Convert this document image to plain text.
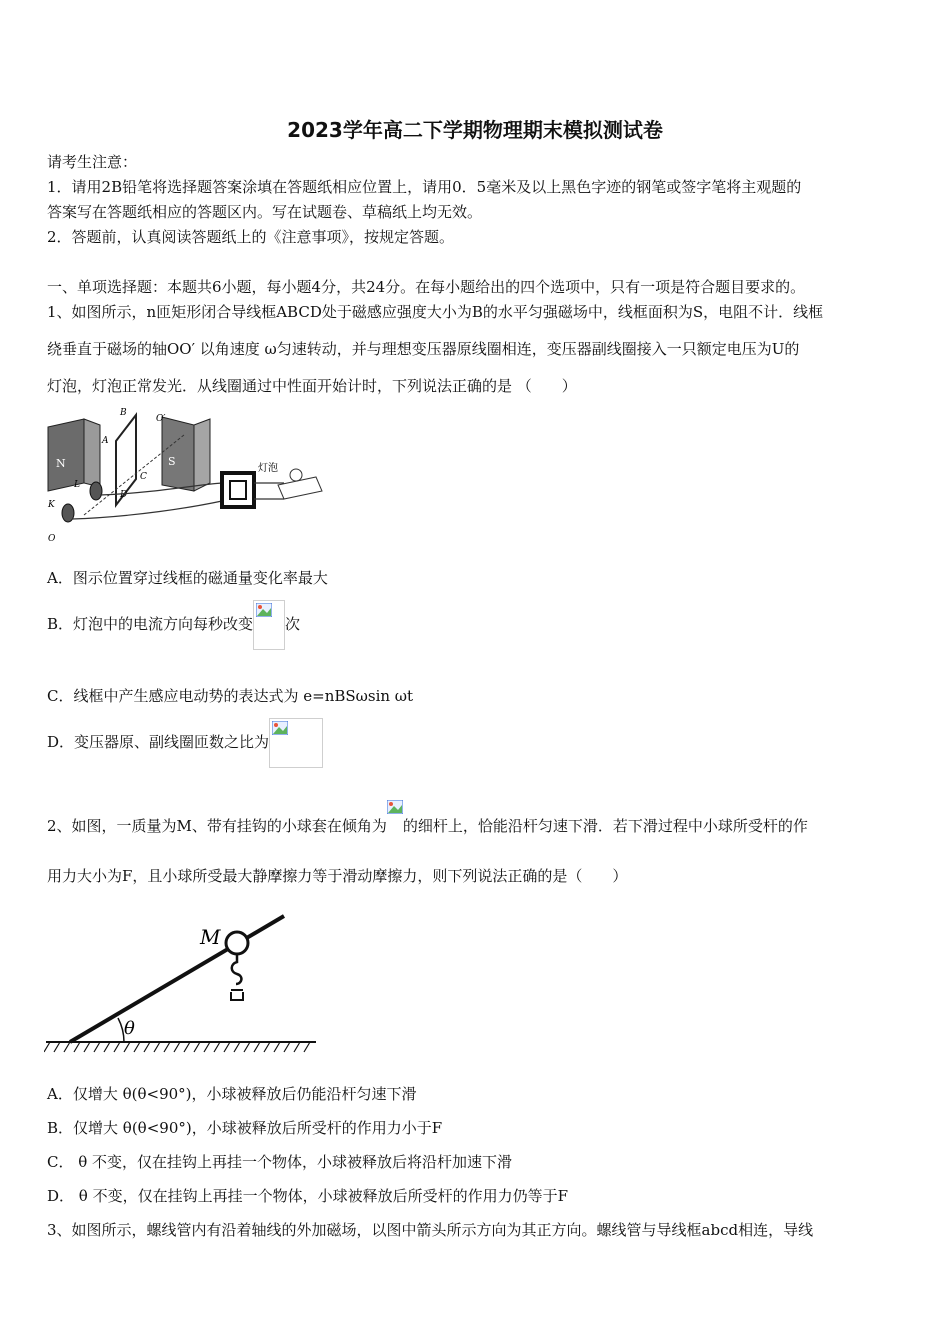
2023学年高二下学期物理期末模拟测试卷
请考生注意：
1．请用2B铅笔将选择题答案涂填在答题纸相应位置上，请用0．5毫米及以上黑色字迹的钢笔或签字笔将主观题的
答案写在答题纸相应的答题区内。写在试题卷、草稿纸上均无效。
2．答题前，认真阅读答题纸上的《注意事项》，按规定答题。
一、单项选择题：本题共6小题，每小题4分，共24分。在每小题给出的四个选项中，只有一项是符合题目要求的。
1、如图所示，n匝矩形闭合导线框ABCD处于磁感应强度大小为B的水平匀强磁场中，线框面积为S，电阻不计．线框
绕垂直于磁场的轴OO′ 以角速度 ω匀速转动，并与理想变压器原线圈相连，变压器副线圈接入一只额定电压为U的
灯泡，灯泡正常发光．从线圈通过中性面开始计时，下列说法正确的是 （　　）
N	S
A
B
C
D
O′
L
K
O
灯泡
A．图示位置穿过线框的磁通量变化率最大
B．灯泡中的电流方向每秒改变 次
C．线框中产生感应电动势的表达式为 e=nBSωsin ωt
D．变压器原、副线圈匝数之比为
2、如图，一质量为M、带有挂钩的小球套在倾角为 的细杆上，恰能沿杆匀速下滑．若下滑过程中小球所受杆的作
用力大小为F，且小球所受最大静摩擦力等于滑动摩擦力，则下列说法正确的是（　　）
θ
M
A．仅增大 θ(θ<90°)，小球被释放后仍能沿杆匀速下滑
B．仅增大 θ(θ<90°)，小球被释放后所受杆的作用力小于F
C． θ 不变，仅在挂钩上再挂一个物体，小球被释放后将沿杆加速下滑
D． θ 不变，仅在挂钩上再挂一个物体，小球被释放后所受杆的作用力仍等于F
3、如图所示，螺线管内有沿着轴线的外加磁场，以图中箭头所示方向为其正方向。螺线管与导线框abcd相连，导线
